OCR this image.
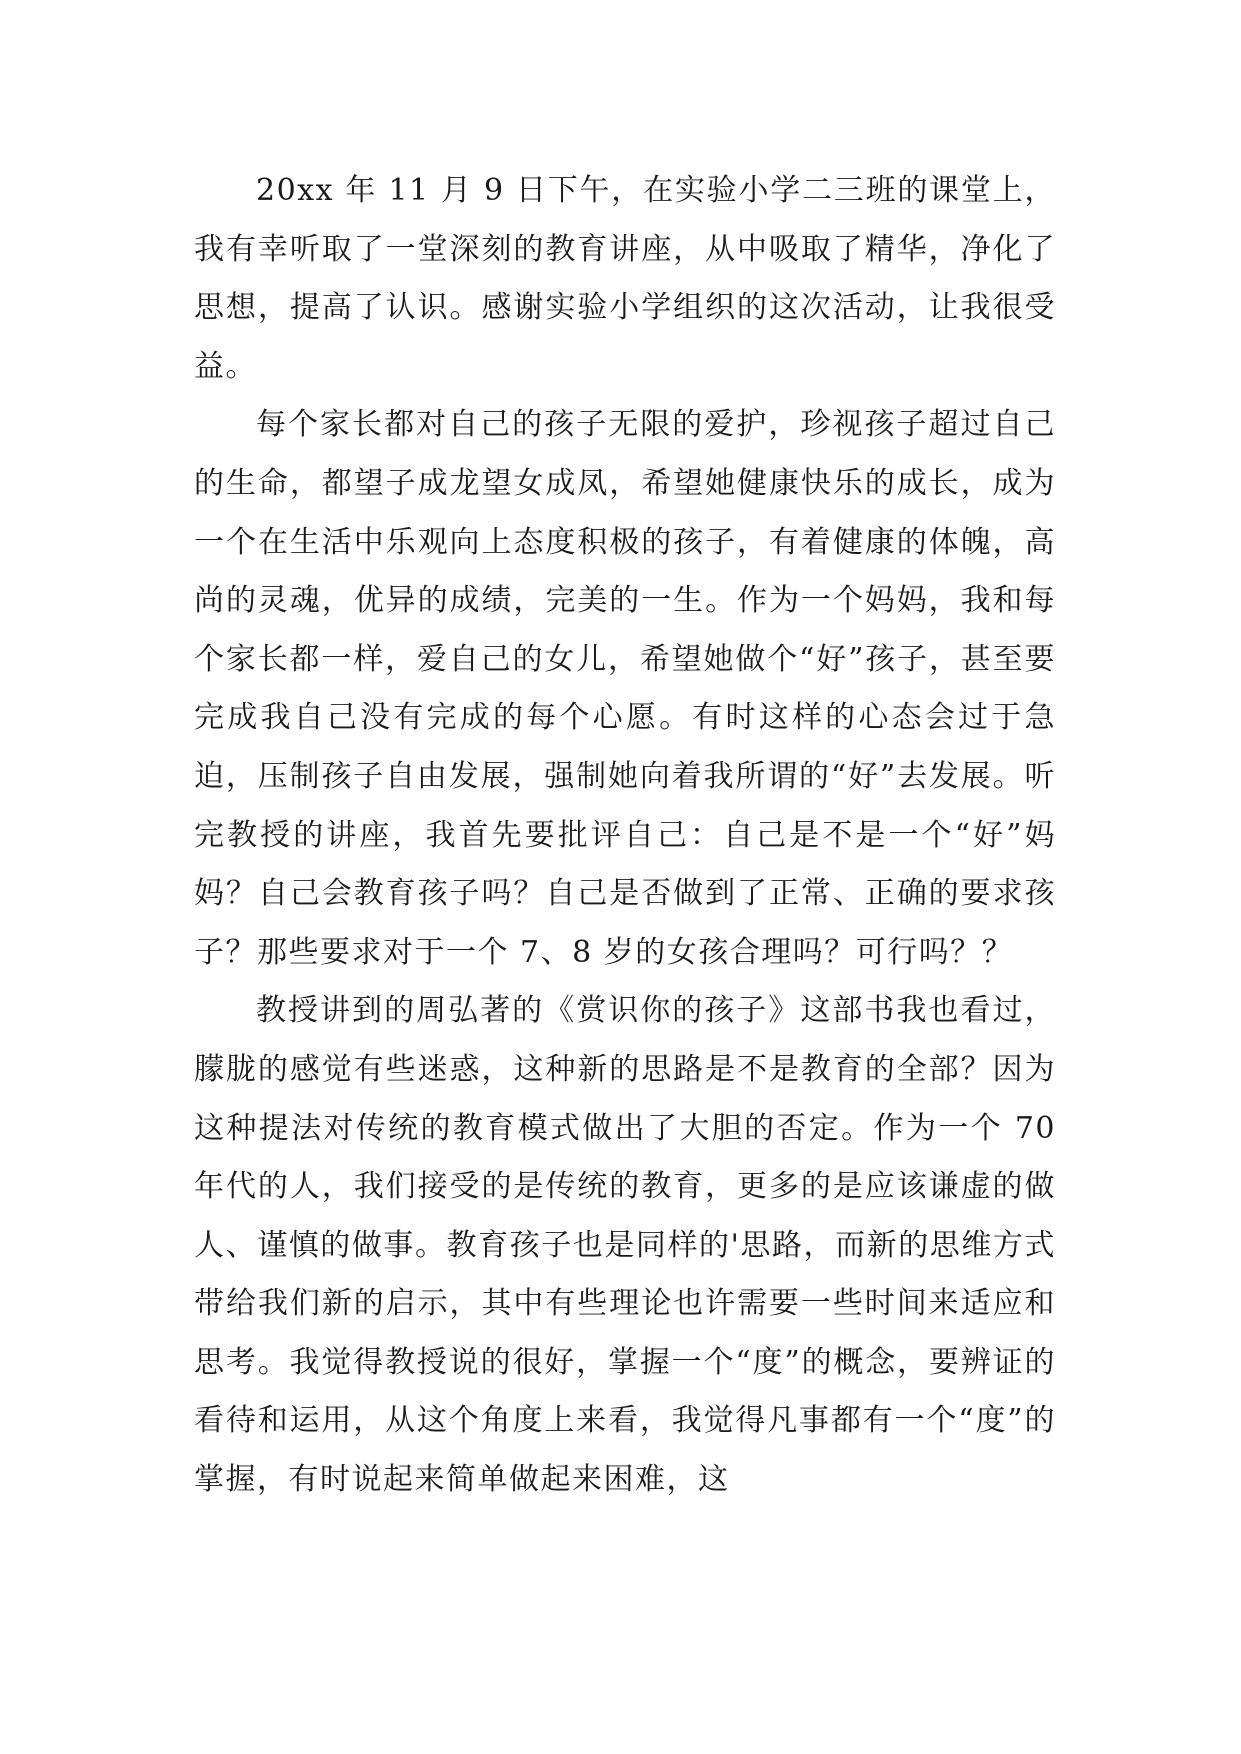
20xx 年 11 月 9 日下午，在实验小学二三班的课堂上，我有幸听取了一堂深刻的教育讲座，从中吸取了精华，净化了思想，提高了认识。感谢实验小学组织的这次活动，让我很受益。

每个家长都对自己的孩子无限的爱护，珍视孩子超过自己的生命，都望子成龙望女成凤，希望她健康快乐的成长，成为一个在生活中乐观向上态度积极的孩子，有着健康的体魄，高尚的灵魂，优异的成绩，完美的一生。作为一个妈妈，我和每个家长都一样，爱自己的女儿，希望她做个“好”孩子，甚至要完成我自己没有完成的每个心愿。有时这样的心态会过于急迫，压制孩子自由发展，强制她向着我所谓的“好”去发展。听完教授的讲座，我首先要批评自己：自己是不是一个“好”妈妈？自己会教育孩子吗？自己是否做到了正常、正确的要求孩子？那些要求对于一个 7、8 岁的女孩合理吗？可行吗？？

教授讲到的周弘著的《赏识你的孩子》这部书我也看过，朦胧的感觉有些迷惑，这种新的思路是不是教育的全部？因为这种提法对传统的教育模式做出了大胆的否定。作为一个 70 年代的人，我们接受的是传统的教育，更多的是应该谦虚的做人、谨慎的做事。教育孩子也是同样的'思路，而新的思维方式带给我们新的启示，其中有些理论也许需要一些时间来适应和思考。我觉得教授说的很好，掌握一个“度”的概念，要辨证的看待和运用，从这个角度上来看，我觉得凡事都有一个“度”的掌握，有时说起来简单做起来困难，这
